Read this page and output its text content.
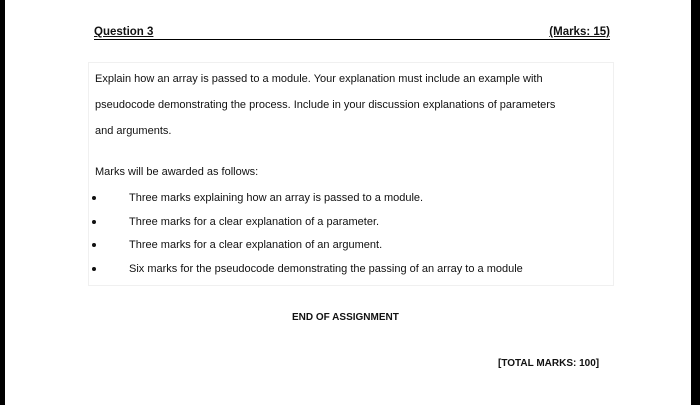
Question 3	(Marks: 15)
Explain how an array is passed to a module. Your explanation must include an example with
pseudocode demonstrating the process. Include in your discussion explanations of parameters
and arguments.
Marks will be awarded as follows:
Three marks explaining how an array is passed to a module.
Three marks for a clear explanation of a parameter.
Three marks for a clear explanation of an argument.
Six marks for the pseudocode demonstrating the passing of an array to a module
END OF ASSIGNMENT
[TOTAL MARKS: 100]
